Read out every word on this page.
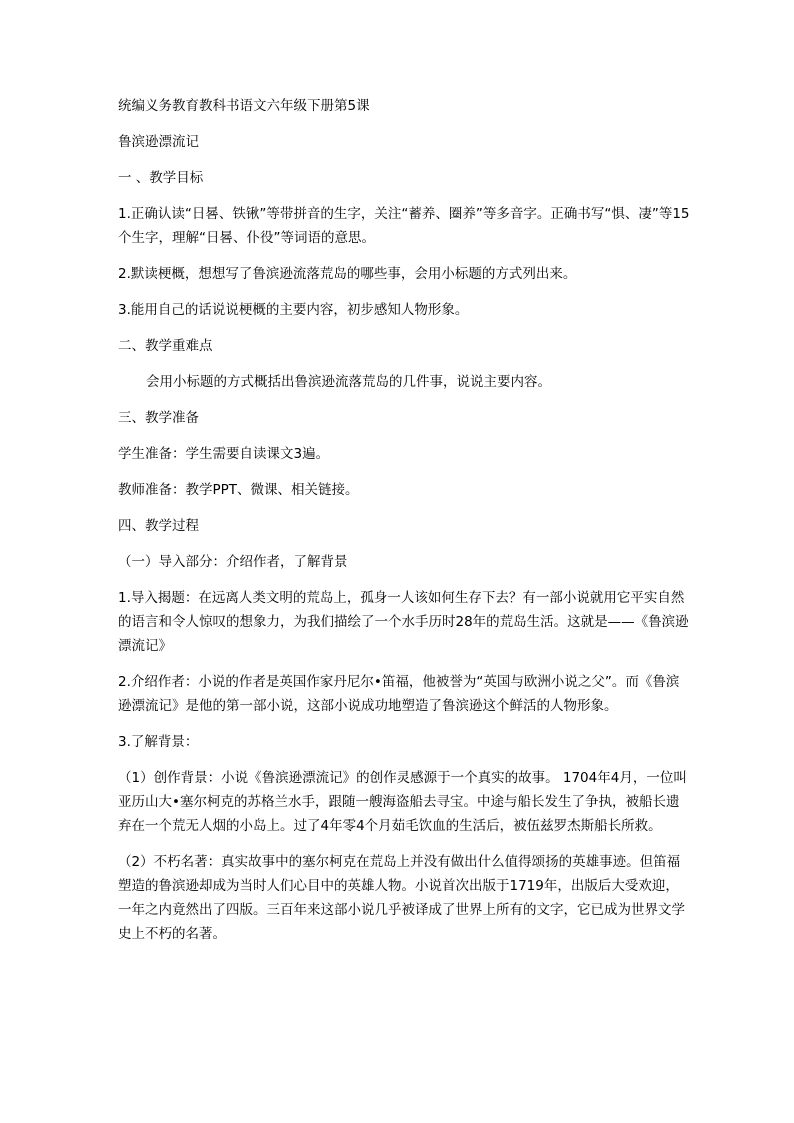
统编义务教育教科书语文六年级下册第5课

鲁滨逊漂流记

一 、教学目标

1.正确认读“日晷、铁锹”等带拼音的生字，关注“蓄养、圈养”等多音字。正确书写“惧、凄”等15个生字，理解“日晷、仆役”等词语的意思。

2.默读梗概，想想写了鲁滨逊流落荒岛的哪些事，会用小标题的方式列出来。

3.能用自己的话说说梗概的主要内容，初步感知人物形象。

二、教学重难点

会用小标题的方式概括出鲁滨逊流落荒岛的几件事，说说主要内容。

三、教学准备

学生准备：学生需要自读课文3遍。

教师准备：教学PPT、微课、相关链接。

四、教学过程

（一）导入部分：介绍作者，了解背景

1.导入揭题：在远离人类文明的荒岛上，孤身一人该如何生存下去？有一部小说就用它平实自然的语言和令人惊叹的想象力，为我们描绘了一个水手历时28年的荒岛生活。这就是——《鲁滨逊漂流记》

2.介绍作者：小说的作者是英国作家丹尼尔•笛福，他被誉为“英国与欧洲小说之父”。而《鲁滨逊漂流记》是他的第一部小说，这部小说成功地塑造了鲁滨逊这个鲜活的人物形象。

3.了解背景：

（1）创作背景：小说《鲁滨逊漂流记》的创作灵感源于一个真实的故事。 1704年4月，一位叫亚历山大•塞尔柯克的苏格兰水手，跟随一艘海盗船去寻宝。中途与船长发生了争执，被船长遗弃在一个荒无人烟的小岛上。过了4年零4个月茹毛饮血的生活后，被伍兹罗杰斯船长所救。

（2）不朽名著：真实故事中的塞尔柯克在荒岛上并没有做出什么值得颂扬的英雄事迹。但笛福塑造的鲁滨逊却成为当时人们心目中的英雄人物。小说首次出版于1719年，出版后大受欢迎，一年之内竟然出了四版。三百年来这部小说几乎被译成了世界上所有的文字，它已成为世界文学史上不朽的名著。
